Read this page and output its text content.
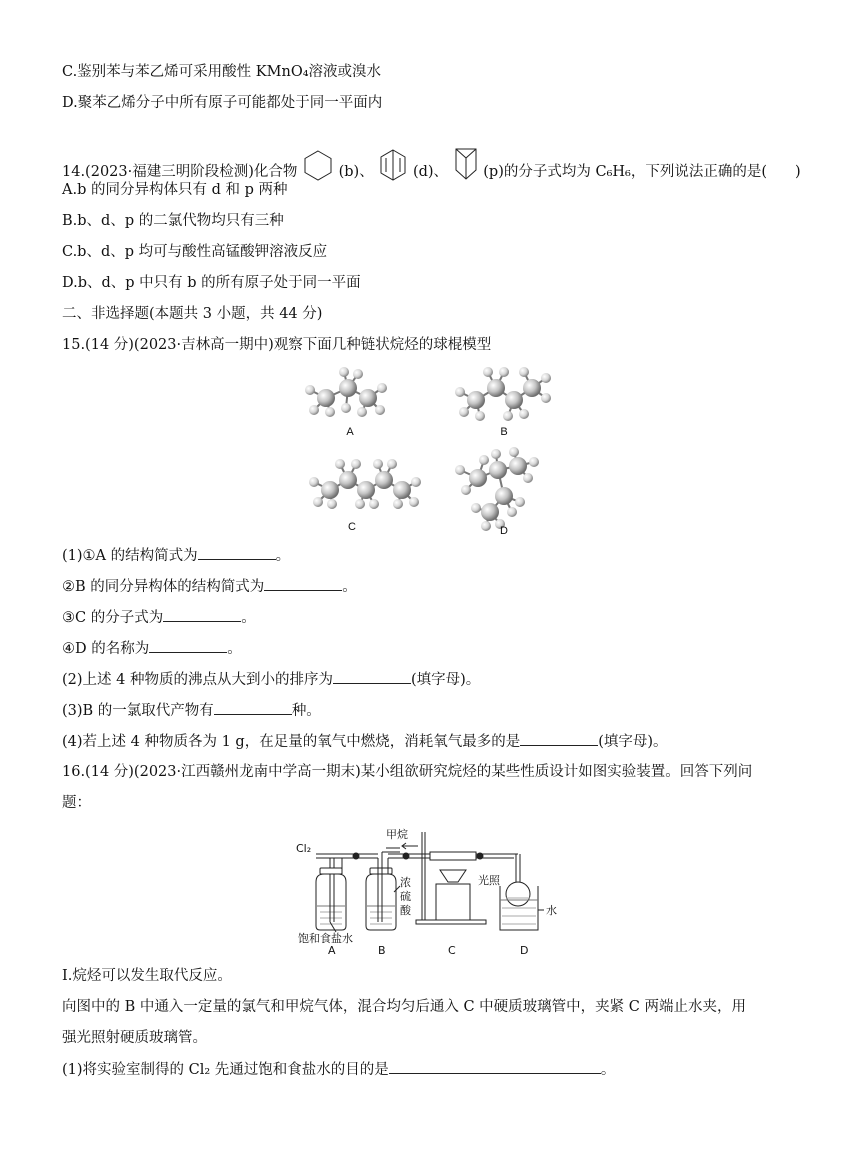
C.鉴别苯与苯乙烯可采用酸性 KMnO₄溶液或溴水
D.聚苯乙烯分子中所有原子可能都处于同一平面内
14.(2023·福建三明阶段检测)化合物	(b)、	(d)、 (p)的分子式均为 C₆H₆，下列说法正确的是( )
A.b 的同分异构体只有 d 和 p 两种
B.b、d、p 的二氯代物均只有三种
C.b、d、p 均可与酸性高锰酸钾溶液反应
D.b、d、p 中只有 b 的所有原子处于同一平面
二、非选择题(本题共 3 小题，共 44 分)
15.(14 分)(2023·吉林高一期中)观察下面几种链状烷烃的球棍模型
A	B
C	D
(1)①A 的结构简式为	。
②B 的同分异构体的结构简式为	。
③C 的分子式为	。
④D 的名称为	。
(2)上述 4 种物质的沸点从大到小的排序为	(填字母)。
(3)B 的一氯取代产物有	种。
(4)若上述 4 种物质各为 1 g，在足量的氧气中燃烧，消耗氧气最多的是	(填字母)。
16.(14 分)(2023·江西赣州龙南中学高一期末)某小组欲研究烷烃的某些性质设计如图实验装置。回答下列问
题：
Cl₂
甲烷
浓
硫
酸
光照
水
饱和食盐水
A	B	C	D
Ⅰ.烷烃可以发生取代反应。
向图中的 B 中通入一定量的氯气和甲烷气体，混合均匀后通入 C 中硬质玻璃管中，夹紧 C 两端止水夹，用
强光照射硬质玻璃管。
(1)将实验室制得的 Cl₂ 先通过饱和食盐水的目的是	。
